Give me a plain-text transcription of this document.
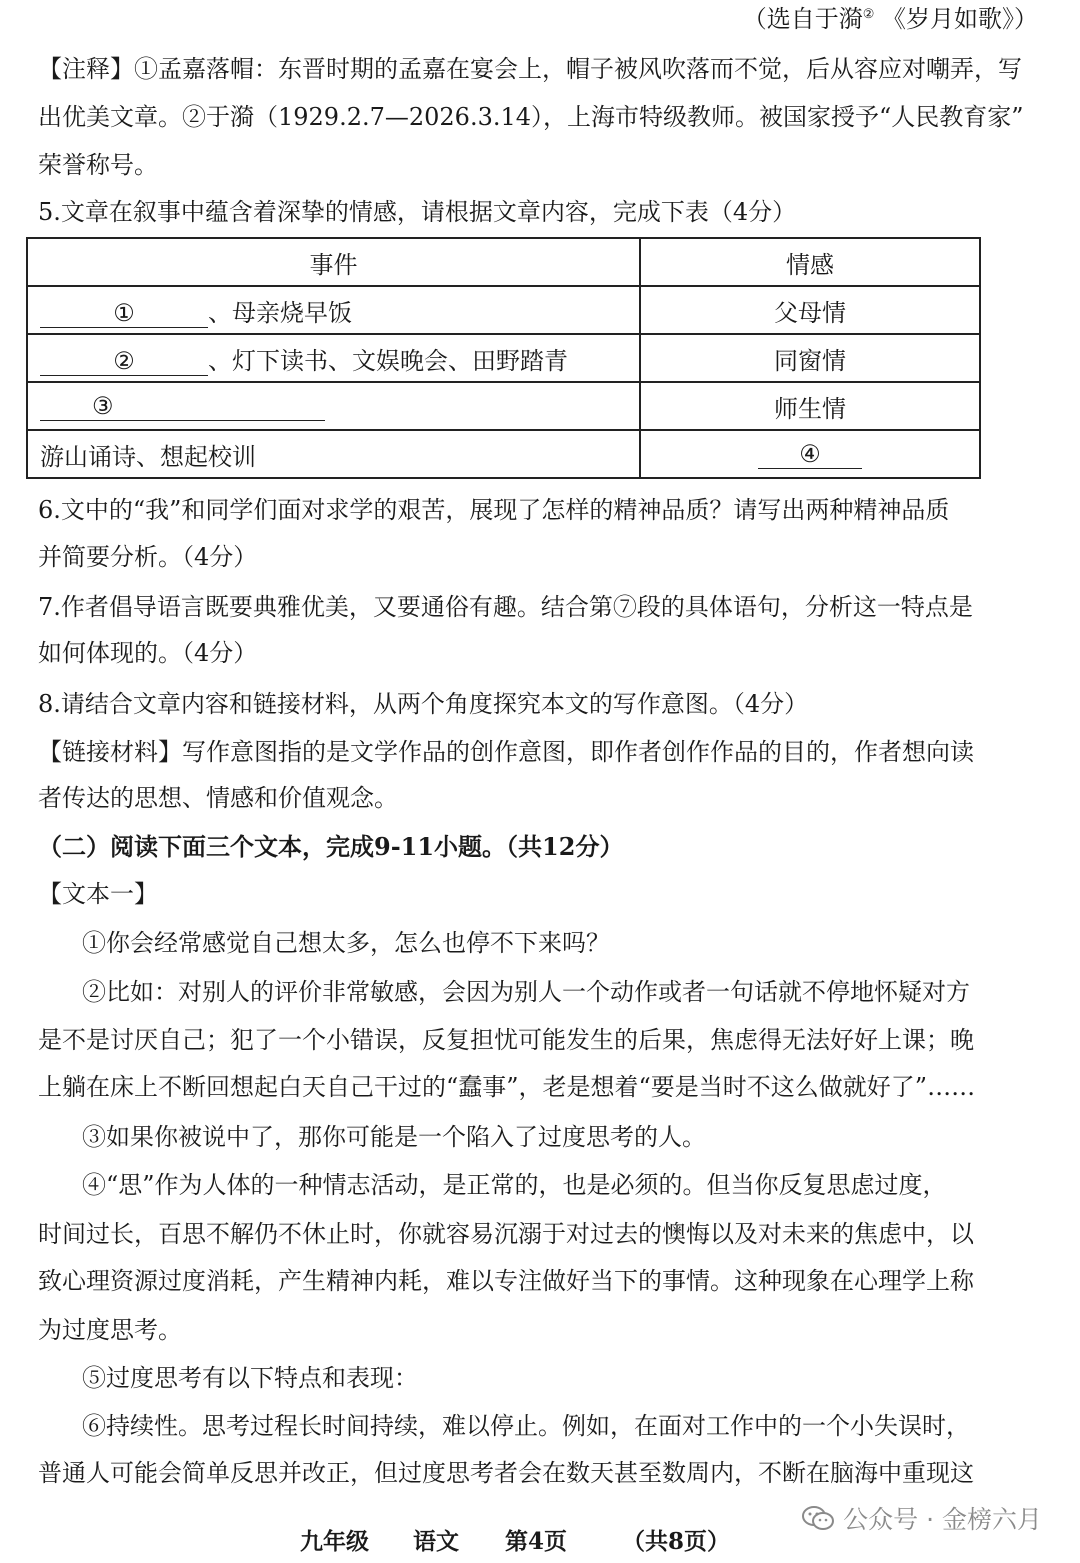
（选自于漪② 《岁月如歌》）
【注释】①孟嘉落帽：东晋时期的孟嘉在宴会上，帽子被风吹落而不觉，后从容应对嘲弄，写
出优美文章。②于漪（1929.2.7—2026.3.14），上海市特级教师。被国家授予“人民教育家”
荣誉称号。
5.文章在叙事中蕴含着深挚的情感，请根据文章内容，完成下表（4分）
事件	情感
① 、母亲烧早饭	父母情
② 、灯下读书、文娱晚会、田野踏青	同窗情
③	师生情
游山诵诗、想起校训	④
6.文中的“我”和同学们面对求学的艰苦，展现了怎样的精神品质？请写出两种精神品质
并简要分析。（4分）
7.作者倡导语言既要典雅优美，又要通俗有趣。结合第⑦段的具体语句，分析这一特点是
如何体现的。（4分）
8.请结合文章内容和链接材料，从两个角度探究本文的写作意图。（4分）
【链接材料】写作意图指的是文学作品的创作意图，即作者创作作品的目的，作者想向读
者传达的思想、情感和价值观念。
（二）阅读下面三个文本，完成9-11小题。（共12分）
【文本一】
①你会经常感觉自己想太多，怎么也停不下来吗？
②比如：对别人的评价非常敏感，会因为别人一个动作或者一句话就不停地怀疑对方
是不是讨厌自己；犯了一个小错误，反复担忧可能发生的后果，焦虑得无法好好上课；晚
上躺在床上不断回想起白天自己干过的“蠢事”，老是想着“要是当时不这么做就好了”……
③如果你被说中了，那你可能是一个陷入了过度思考的人。
④“思”作为人体的一种情志活动，是正常的，也是必须的。但当你反复思虑过度，
时间过长，百思不解仍不休止时，你就容易沉溺于对过去的懊悔以及对未来的焦虑中，以
致心理资源过度消耗，产生精神内耗，难以专注做好当下的事情。这种现象在心理学上称
为过度思考。
⑤过度思考有以下特点和表现：
⑥持续性。思考过程长时间持续，难以停止。例如，在面对工作中的一个小失误时，
普通人可能会简单反思并改正，但过度思考者会在数天甚至数周内，不断在脑海中重现这
公众号 · 金榜六月
九年级 语文 第4页 （共8页）
